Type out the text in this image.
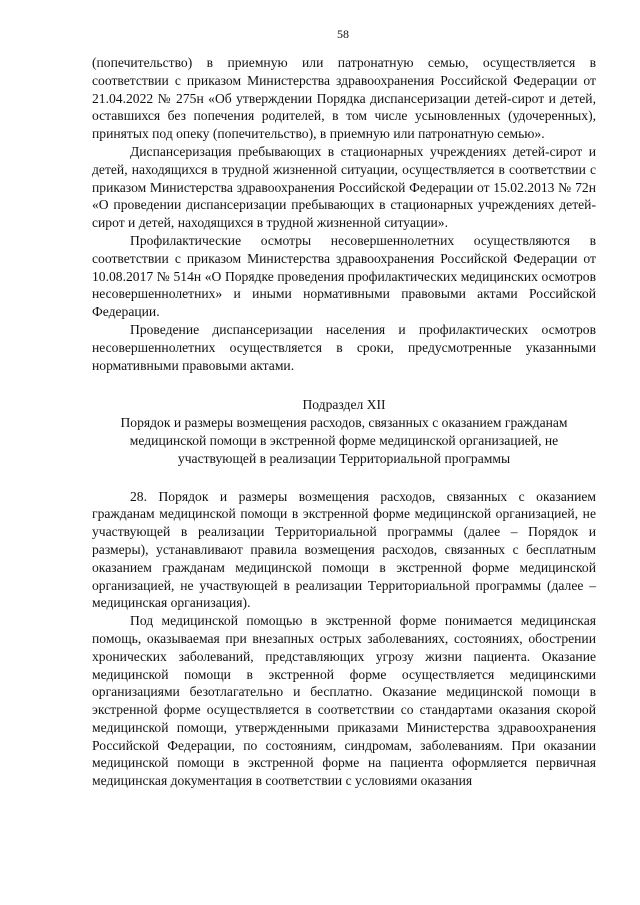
58

(попечительство) в приемную или патронатную семью, осуществляется в соответствии с приказом Министерства здравоохранения Российской Федерации от 21.04.2022 № 275н «Об утверждении Порядка диспансеризации детей-сирот и детей, оставшихся без попечения родителей, в том числе усыновленных (удочеренных), принятых под опеку (попечительство), в приемную или патронатную семью».

Диспансеризация пребывающих в стационарных учреждениях детей-сирот и детей, находящихся в трудной жизненной ситуации, осуществляется в соответствии с приказом Министерства здравоохранения Российской Федерации от 15.02.2013 № 72н «О проведении диспансеризации пребывающих в стационарных учреждениях детей-сирот и детей, находящихся в трудной жизненной ситуации».

Профилактические осмотры несовершеннолетних осуществляются в соответствии с приказом Министерства здравоохранения Российской Федерации от 10.08.2017 № 514н «О Порядке проведения профилактических медицинских осмотров несовершеннолетних» и иными нормативными правовыми актами Российской Федерации.

Проведение диспансеризации населения и профилактических осмотров несовершеннолетних осуществляется в сроки, предусмотренные указанными нормативными правовыми актами.

Подраздел XII
Порядок и размеры возмещения расходов, связанных с оказанием гражданам медицинской помощи в экстренной форме медицинской организацией, не участвующей в реализации Территориальной программы

28. Порядок и размеры возмещения расходов, связанных с оказанием гражданам медицинской помощи в экстренной форме медицинской организацией, не участвующей в реализации Территориальной программы (далее – Порядок и размеры), устанавливают правила возмещения расходов, связанных с бесплатным оказанием гражданам медицинской помощи в экстренной форме медицинской организацией, не участвующей в реализации Территориальной программы (далее – медицинская организация).

Под медицинской помощью в экстренной форме понимается медицинская помощь, оказываемая при внезапных острых заболеваниях, состояниях, обострении хронических заболеваний, представляющих угрозу жизни пациента. Оказание медицинской помощи в экстренной форме осуществляется медицинскими организациями безотлагательно и бесплатно. Оказание медицинской помощи в экстренной форме осуществляется в соответствии со стандартами оказания скорой медицинской помощи, утвержденными приказами Министерства здравоохранения Российской Федерации, по состояниям, синдромам, заболеваниям. При оказании медицинской помощи в экстренной форме на пациента оформляется первичная медицинская документация в соответствии с условиями оказания
